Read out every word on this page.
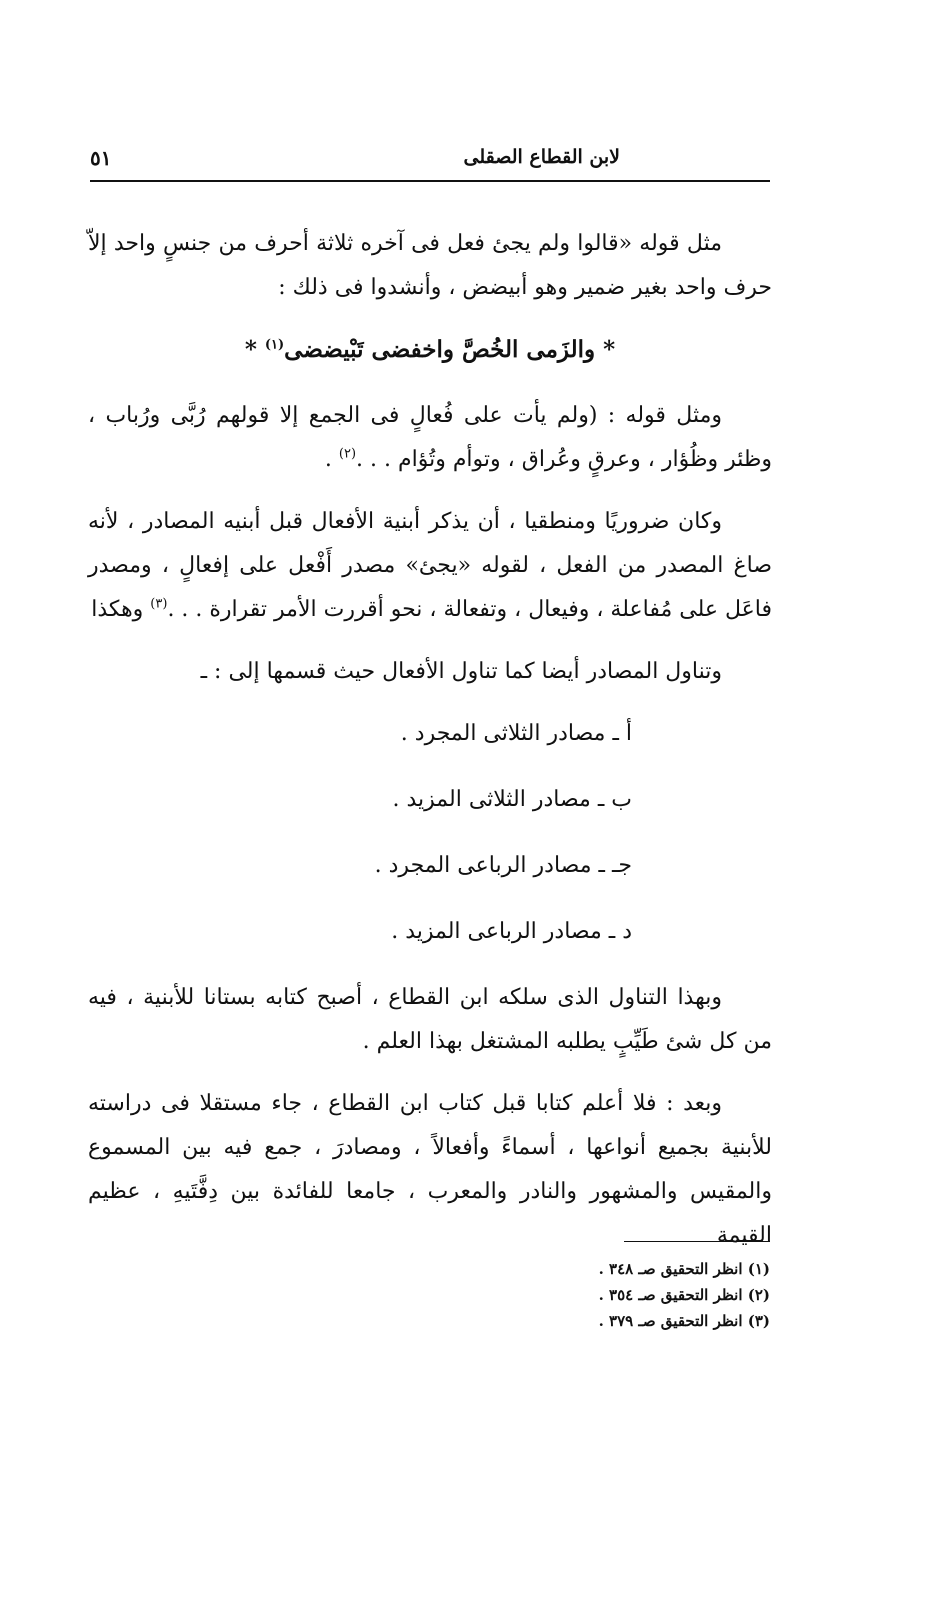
لابن القطاع الصقلى
٥١

مثل قوله «قالوا ولم يجئ فعل فى آخره ثلاثة أحرف من جنسٍ واحد إلاّ حرف واحد بغير ضمير وهو أبيضض ، وأنشدوا فى ذلك :

* والزَمى الخُصَّ واخفضى تَبْيضضى$^{(١)}$ *

ومثل قوله : (ولم يأت على فُعالٍ فى الجمع إلا قولهم رُبَّى ورُباب ، وظئر وظُؤار ، وعرقٍ وعُراق ، وتوأم وتُؤام . . .$^{(٢)}$ .

وكان ضروريًا ومنطقيا ، أن يذكر أبنية الأفعال قبل أبنيه المصادر ، لأنه صاغ المصدر من الفعل ، لقوله «يجئ» مصدر أَفْعل على إفعالٍ ، ومصدر فاعَل على مُفاعلة ، وفيعال ، وتفعالة ، نحو أقررت الأمر تقرارة . . .$^{(٣)}$ وهكذا

وتناول المصادر أيضا كما تناول الأفعال حيث قسمها إلى : ـ

أ ـ مصادر الثلاثى المجرد .
ب ـ مصادر الثلاثى المزيد .
جـ ـ مصادر الرباعى المجرد .
د ـ مصادر الرباعى المزيد .

وبهذا التناول الذى سلكه ابن القطاع ، أصبح كتابه بستانا للأبنية ، فيه من كل شئ طَيِّبٍ يطلبه المشتغل بهذا العلم .

وبعد : فلا أعلم كتابا قبل كتاب ابن القطاع ، جاء مستقلا فى دراسته للأبنية بجميع أنواعها ، أسماءً وأفعالاً ، ومصادرَ ، جمع فيه بين المسموع والمقيس والمشهور والنادر والمعرب ، جامعا للفائدة بين دِفَّتَيهِ ، عظيم القيمة

(١) انظر التحقيق صـ ٣٤٨ .
(٢) انظر التحقيق صـ ٣٥٤ .
(٣) انظر التحقيق صـ ٣٧٩ .
